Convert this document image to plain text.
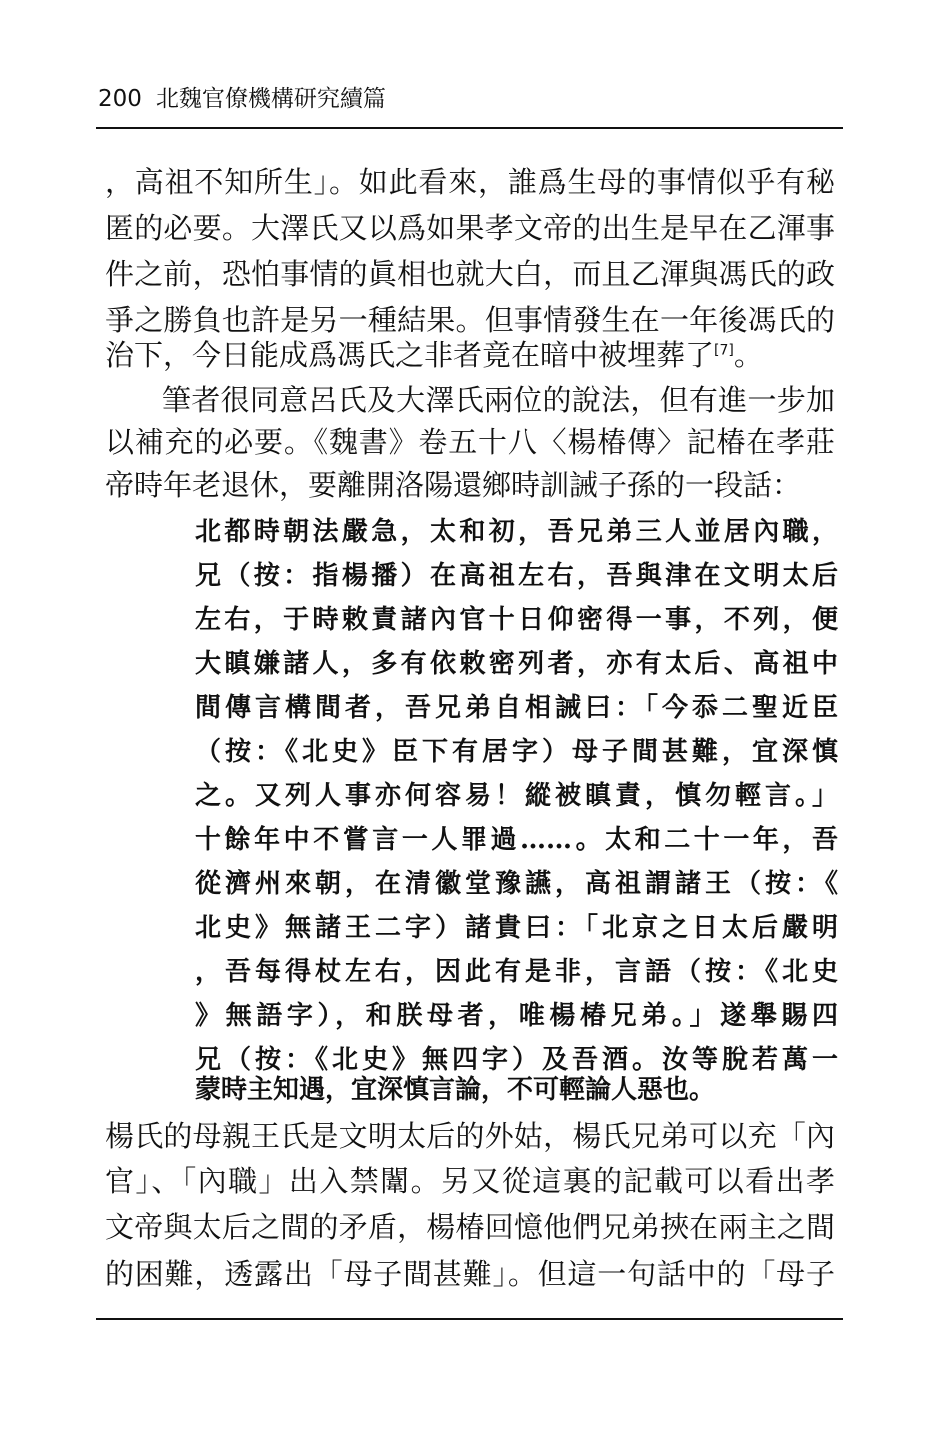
200 北魏官僚機構研究續篇
，高祖不知所生」。如此看來，誰爲生母的事情似乎有秘
匿的必要。大澤氏又以爲如果孝文帝的出生是早在乙渾事
件之前，恐怕事情的眞相也就大白，而且乙渾與馮氏的政
爭之勝負也許是另一種結果。但事情發生在一年後馮氏的
治下，今日能成爲馮氏之非者竟在暗中被埋葬了[7]。
筆者很同意呂氏及大澤氏兩位的說法，但有進一步加
以補充的必要。《魏書》卷五十八〈楊椿傳〉記椿在孝莊
帝時年老退休，要離開洛陽還鄉時訓誡子孫的一段話：
北都時朝法嚴急，太和初，吾兄弟三人並居內職，
兄（按：指楊播）在高祖左右，吾與津在文明太后
左右，于時敕責諸內官十日仰密得一事，不列，便
大瞋嫌諸人，多有依敕密列者，亦有太后、高祖中
間傳言構間者，吾兄弟自相誡曰：「今忝二聖近臣
（按：《北史》臣下有居字）母子間甚難，宜深慎
之。又列人事亦何容易！縱被瞋責，慎勿輕言。」
十餘年中不嘗言一人罪過……。太和二十一年，吾
從濟州來朝，在清徽堂豫讌，高祖謂諸王（按：《
北史》無諸王二字）諸貴曰：「北京之日太后嚴明
，吾每得杖左右，因此有是非，言語（按：《北史
》無語字），和朕母者，唯楊椿兄弟。」遂舉賜四
兄（按：《北史》無四字）及吾酒。汝等脫若萬一
蒙時主知遇，宜深慎言論，不可輕論人惡也。
楊氏的母親王氏是文明太后的外姑，楊氏兄弟可以充「內
官」、「內職」出入禁闈。另又從這裏的記載可以看出孝
文帝與太后之間的矛盾，楊椿回憶他們兄弟挾在兩主之間
的困難，透露出「母子間甚難」。但這一句話中的「母子
